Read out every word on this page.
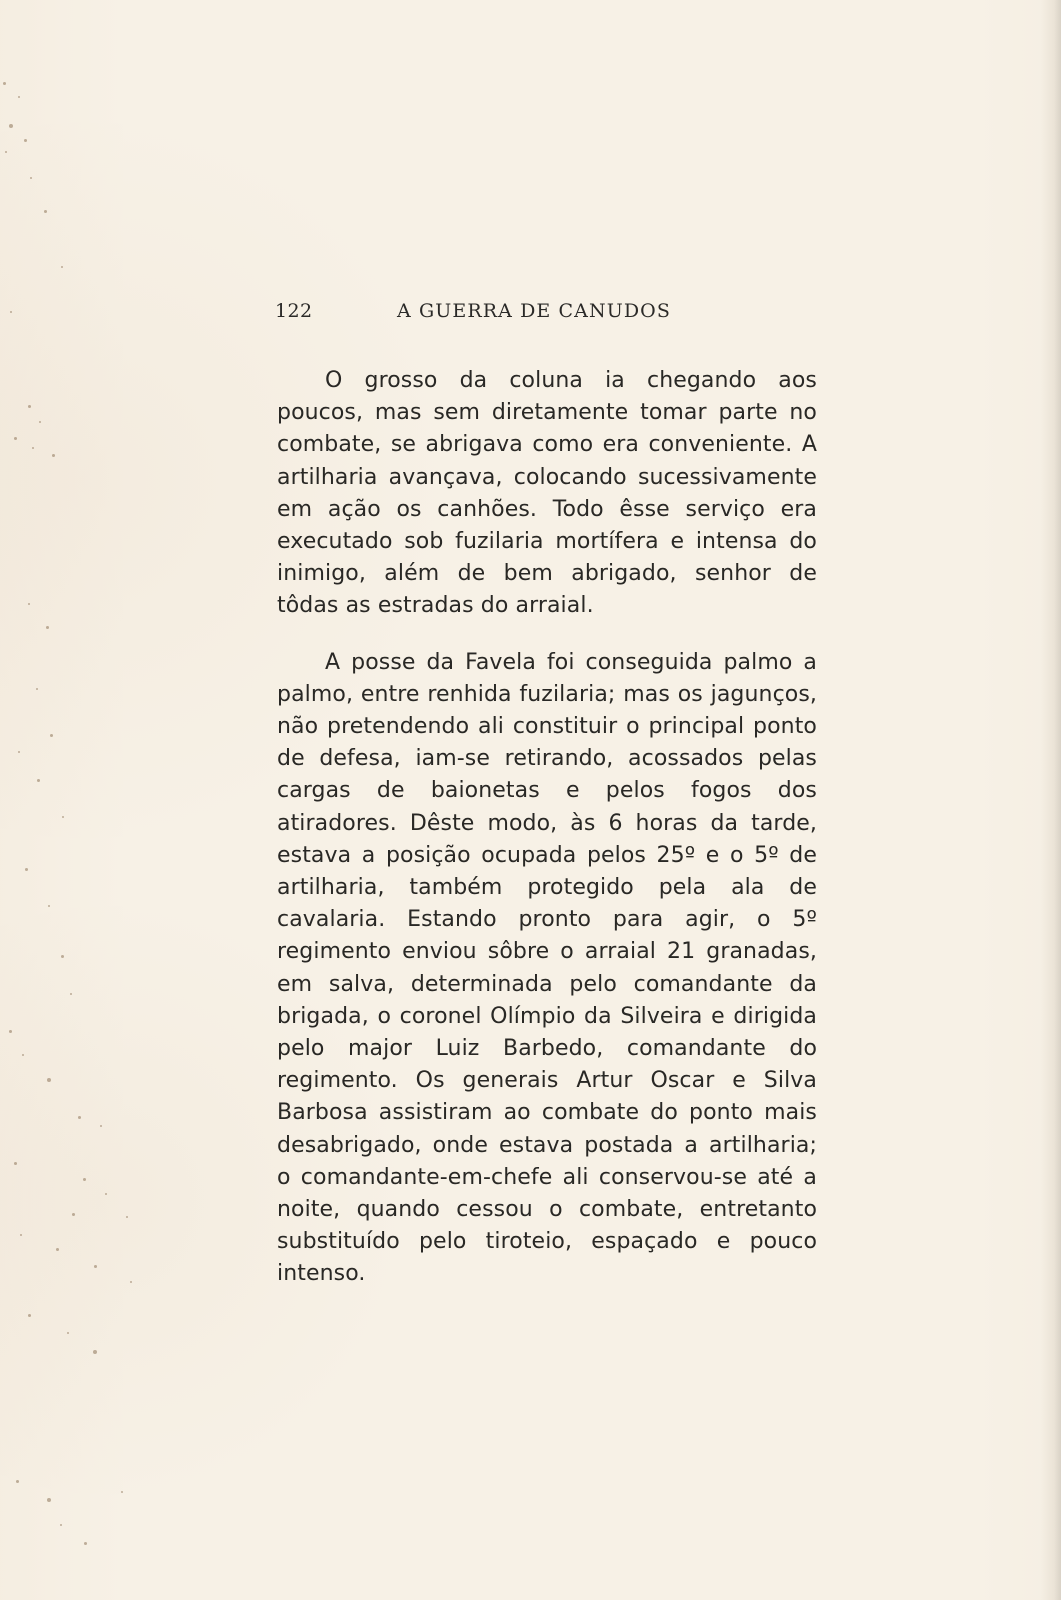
122	A GUERRA DE CANUDOS

O grosso da coluna ia chegando aos poucos, mas sem diretamente tomar parte no combate, se abrigava como era conveniente. A artilharia avançava, colocando sucessivamente em ação os canhões. Todo êsse serviço era executado sob fuzilaria mortífera e intensa do inimigo, além de bem abrigado, senhor de tôdas as estradas do arraial.

A posse da Favela foi conseguida palmo a palmo, entre renhida fuzilaria; mas os jagunços, não pretendendo ali constituir o principal ponto de defesa, iam-se retirando, acossados pelas cargas de baionetas e pelos fogos dos atiradores. Dêste modo, às 6 horas da tarde, estava a posição ocupada pelos 25º e o 5º de artilharia, também protegido pela ala de cavalaria. Estando pronto para agir, o 5º regimento enviou sôbre o arraial 21 granadas, em salva, determinada pelo comandante da brigada, o coronel Olímpio da Silveira e dirigida pelo major Luiz Barbedo, comandante do regimento. Os generais Artur Oscar e Silva Barbosa assistiram ao combate do ponto mais desabrigado, onde estava postada a artilharia; o comandante-em-chefe ali conservou-se até a noite, quando cessou o combate, entretanto substituído pelo tiroteio, espaçado e pouco intenso.
